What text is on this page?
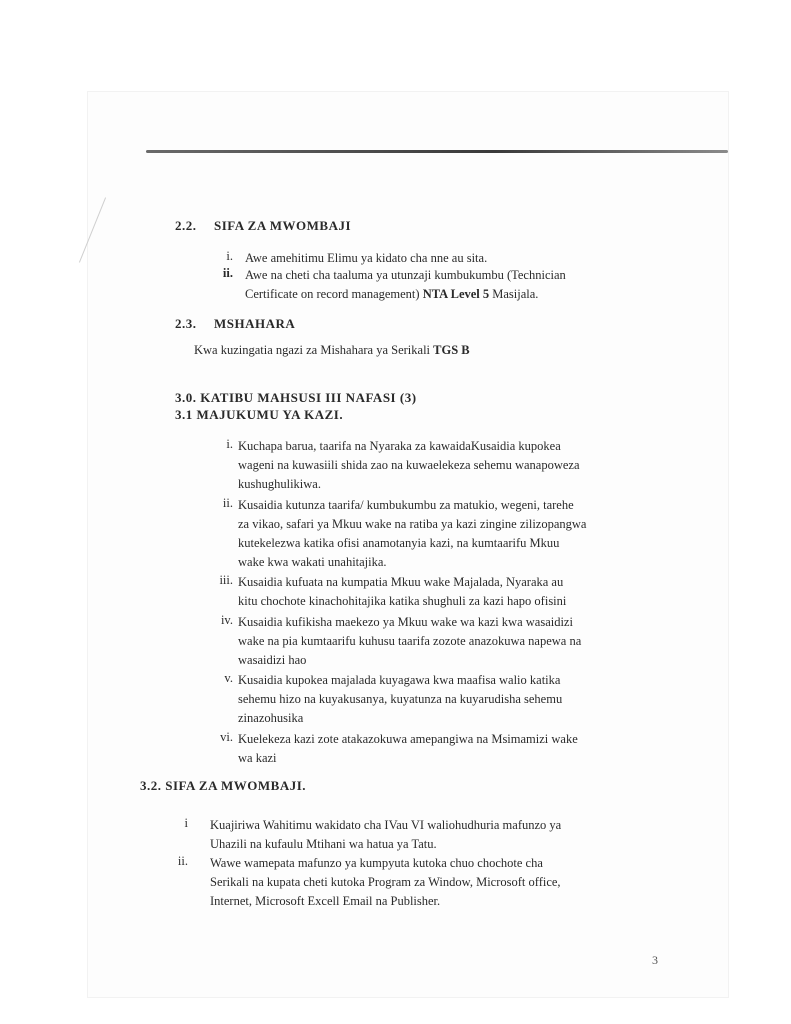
2.2. SIFA ZA MWOMBAJI
i. Awe amehitimu Elimu ya kidato cha nne au sita.
ii. Awe na cheti cha taaluma ya utunzaji kumbukumbu (Technician
Certificate on record management) NTA Level 5 Masijala.
2.3. MSHAHARA
Kwa kuzingatia ngazi za Mishahara ya Serikali TGS B
3.0. KATIBU MAHSUSI III NAFASI (3)
3.1 MAJUKUMU YA KAZI.
i. Kuchapa barua, taarifa na Nyaraka za kawaidaKusaidia kupokea
wageni na kuwasiili shida zao na kuwaelekeza sehemu wanapoweza
kushughulikiwa.
ii. Kusaidia kutunza taarifa/ kumbukumbu za matukio, wegeni, tarehe
za vikao, safari ya Mkuu wake na ratiba ya kazi zingine zilizopangwa
kutekelezwa katika ofisi anamotanyia kazi, na kumtaarifu Mkuu
wake kwa wakati unahitajika.
iii. Kusaidia kufuata na kumpatia Mkuu wake Majalada, Nyaraka au
kitu chochote kinachohitajika katika shughuli za kazi hapo ofisini
iv. Kusaidia kufikisha maekezo ya Mkuu wake wa kazi kwa wasaidizi
wake na pia kumtaarifu kuhusu taarifa zozote anazokuwa napewa na
wasaidizi hao
v. Kusaidia kupokea majalada kuyagawa kwa maafisa walio katika
sehemu hizo na kuyakusanya, kuyatunza na kuyarudisha sehemu
zinazohusika
vi. Kuelekeza kazi zote atakazokuwa amepangiwa na Msimamizi wake
wa kazi
3.2. SIFA ZA MWOMBAJI.
i Kuajiriwa Wahitimu wakidato cha IVau VI waliohudhuria mafunzo ya
Uhazili na kufaulu Mtihani wa hatua ya Tatu.
ii. Wawe wamepata mafunzo ya kumpyuta kutoka chuo chochote cha
Serikali na kupata cheti kutoka Program za Window, Microsoft office,
Internet, Microsoft Excell Email na Publisher.
3
